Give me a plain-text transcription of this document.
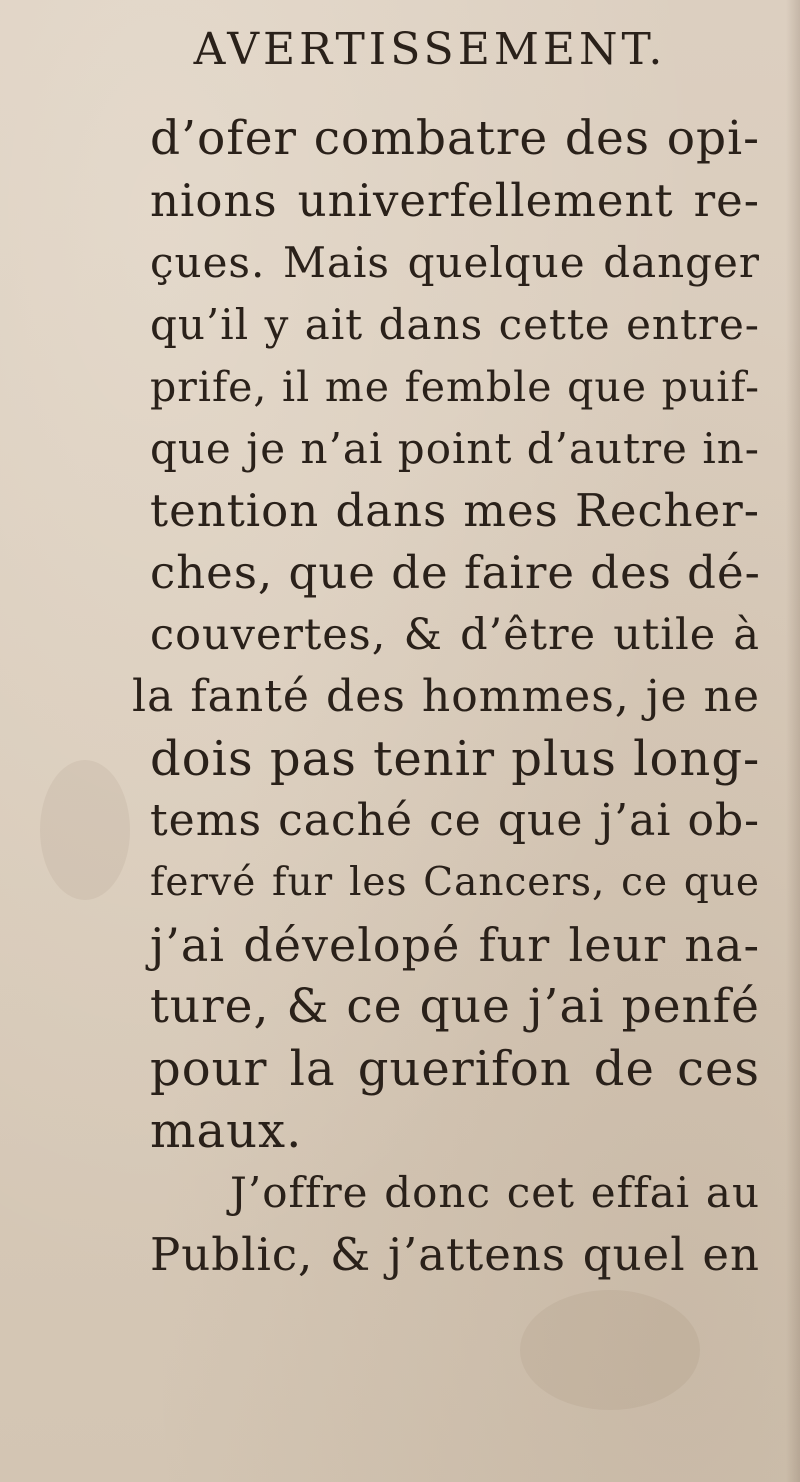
AVERTISSEMENT.
d’ofer combatre des opi-
nions univerfellement re-
çues. Mais quelque danger
qu’il y ait dans cette entre-
prife, il me femble que puif-
que je n’ai point d’autre in-
tention dans mes Recher-
ches, que de faire des dé-
couvertes, & d’être utile à
la fanté des hommes, je ne
dois pas tenir plus long-
tems caché ce que j’ai ob-
fervé fur les Cancers, ce que
j’ai dévelopé fur leur na-
ture, & ce que j’ai penfé
pour la guerifon de ces
maux.
J’offre donc cet effai au
Public, & j’attens quel en
